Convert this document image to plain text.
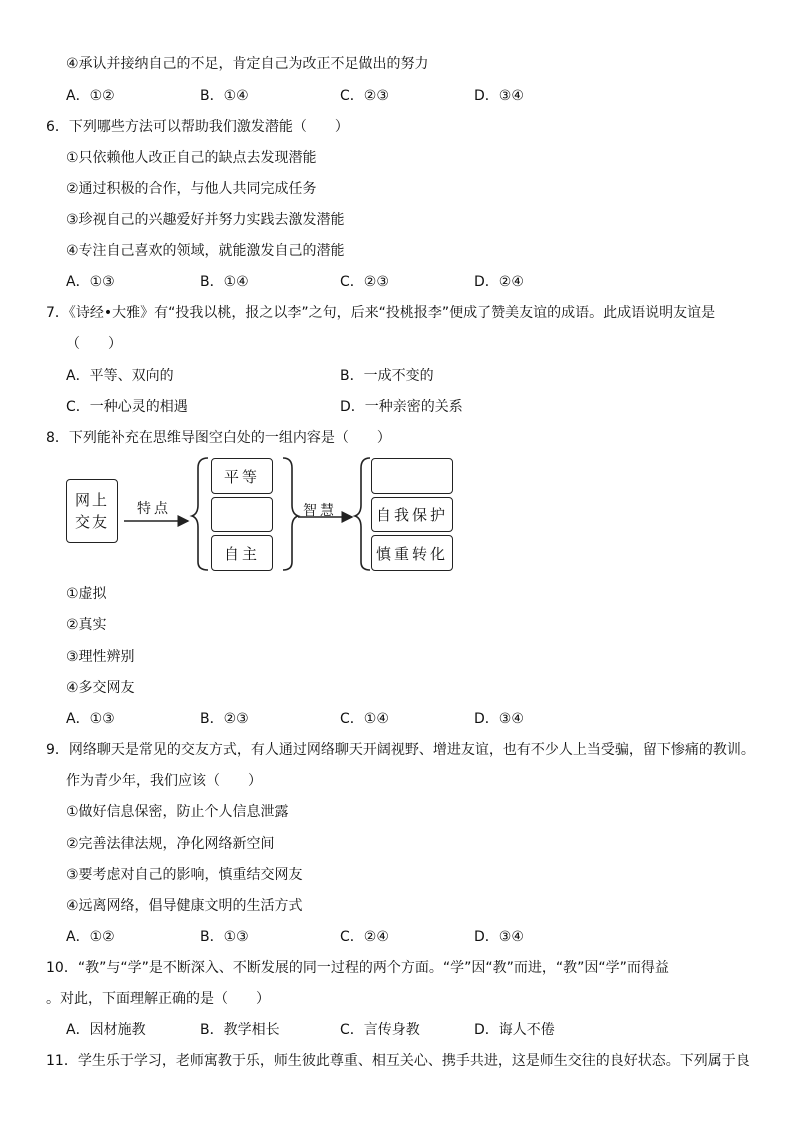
④承认并接纳自己的不足，肯定自己为改正不足做出的努力
A．①②	B．①④	C．②③	D．③④
6．下列哪些方法可以帮助我们激发潜能（　　）
①只依赖他人改正自己的缺点去发现潜能
②通过积极的合作，与他人共同完成任务
③珍视自己的兴趣爱好并努力实践去激发潜能
④专注自己喜欢的领域，就能激发自己的潜能
A．①③	B．①④	C．②③	D．②④
7．《诗经•大雅》有“投我以桃，报之以李”之句，后来“投桃报李”便成了赞美友谊的成语。此成语说明友谊是
（　　）
A．平等、双向的	B．一成不变的
C．一种心灵的相遇	D．一种亲密的关系
8．下列能补充在思维导图空白处的一组内容是（　　）
网上
交友
特点	智慧
平等
自主
自我保护
慎重转化
①虚拟
②真实
③理性辨别
④多交网友
A．①③	B．②③	C．①④	D．③④
9．网络聊天是常见的交友方式，有人通过网络聊天开阔视野、增进友谊，也有不少人上当受骗，留下惨痛的教训。
作为青少年，我们应该（　　）
①做好信息保密，防止个人信息泄露
②完善法律法规，净化网络新空间
③要考虑对自己的影响，慎重结交网友
④远离网络，倡导健康文明的生活方式
A．①②	B．①③	C．②④	D．③④
10．“教”与“学”是不断深入、不断发展的同一过程的两个方面。“学”因“教”而进，“教”因“学”而得益
。对此，下面理解正确的是（　　）
A．因材施教	B．教学相长	C．言传身教	D．诲人不倦
11．学生乐于学习，老师寓教于乐，师生彼此尊重、相互关心、携手共进，这是师生交往的良好状态。下列属于良
